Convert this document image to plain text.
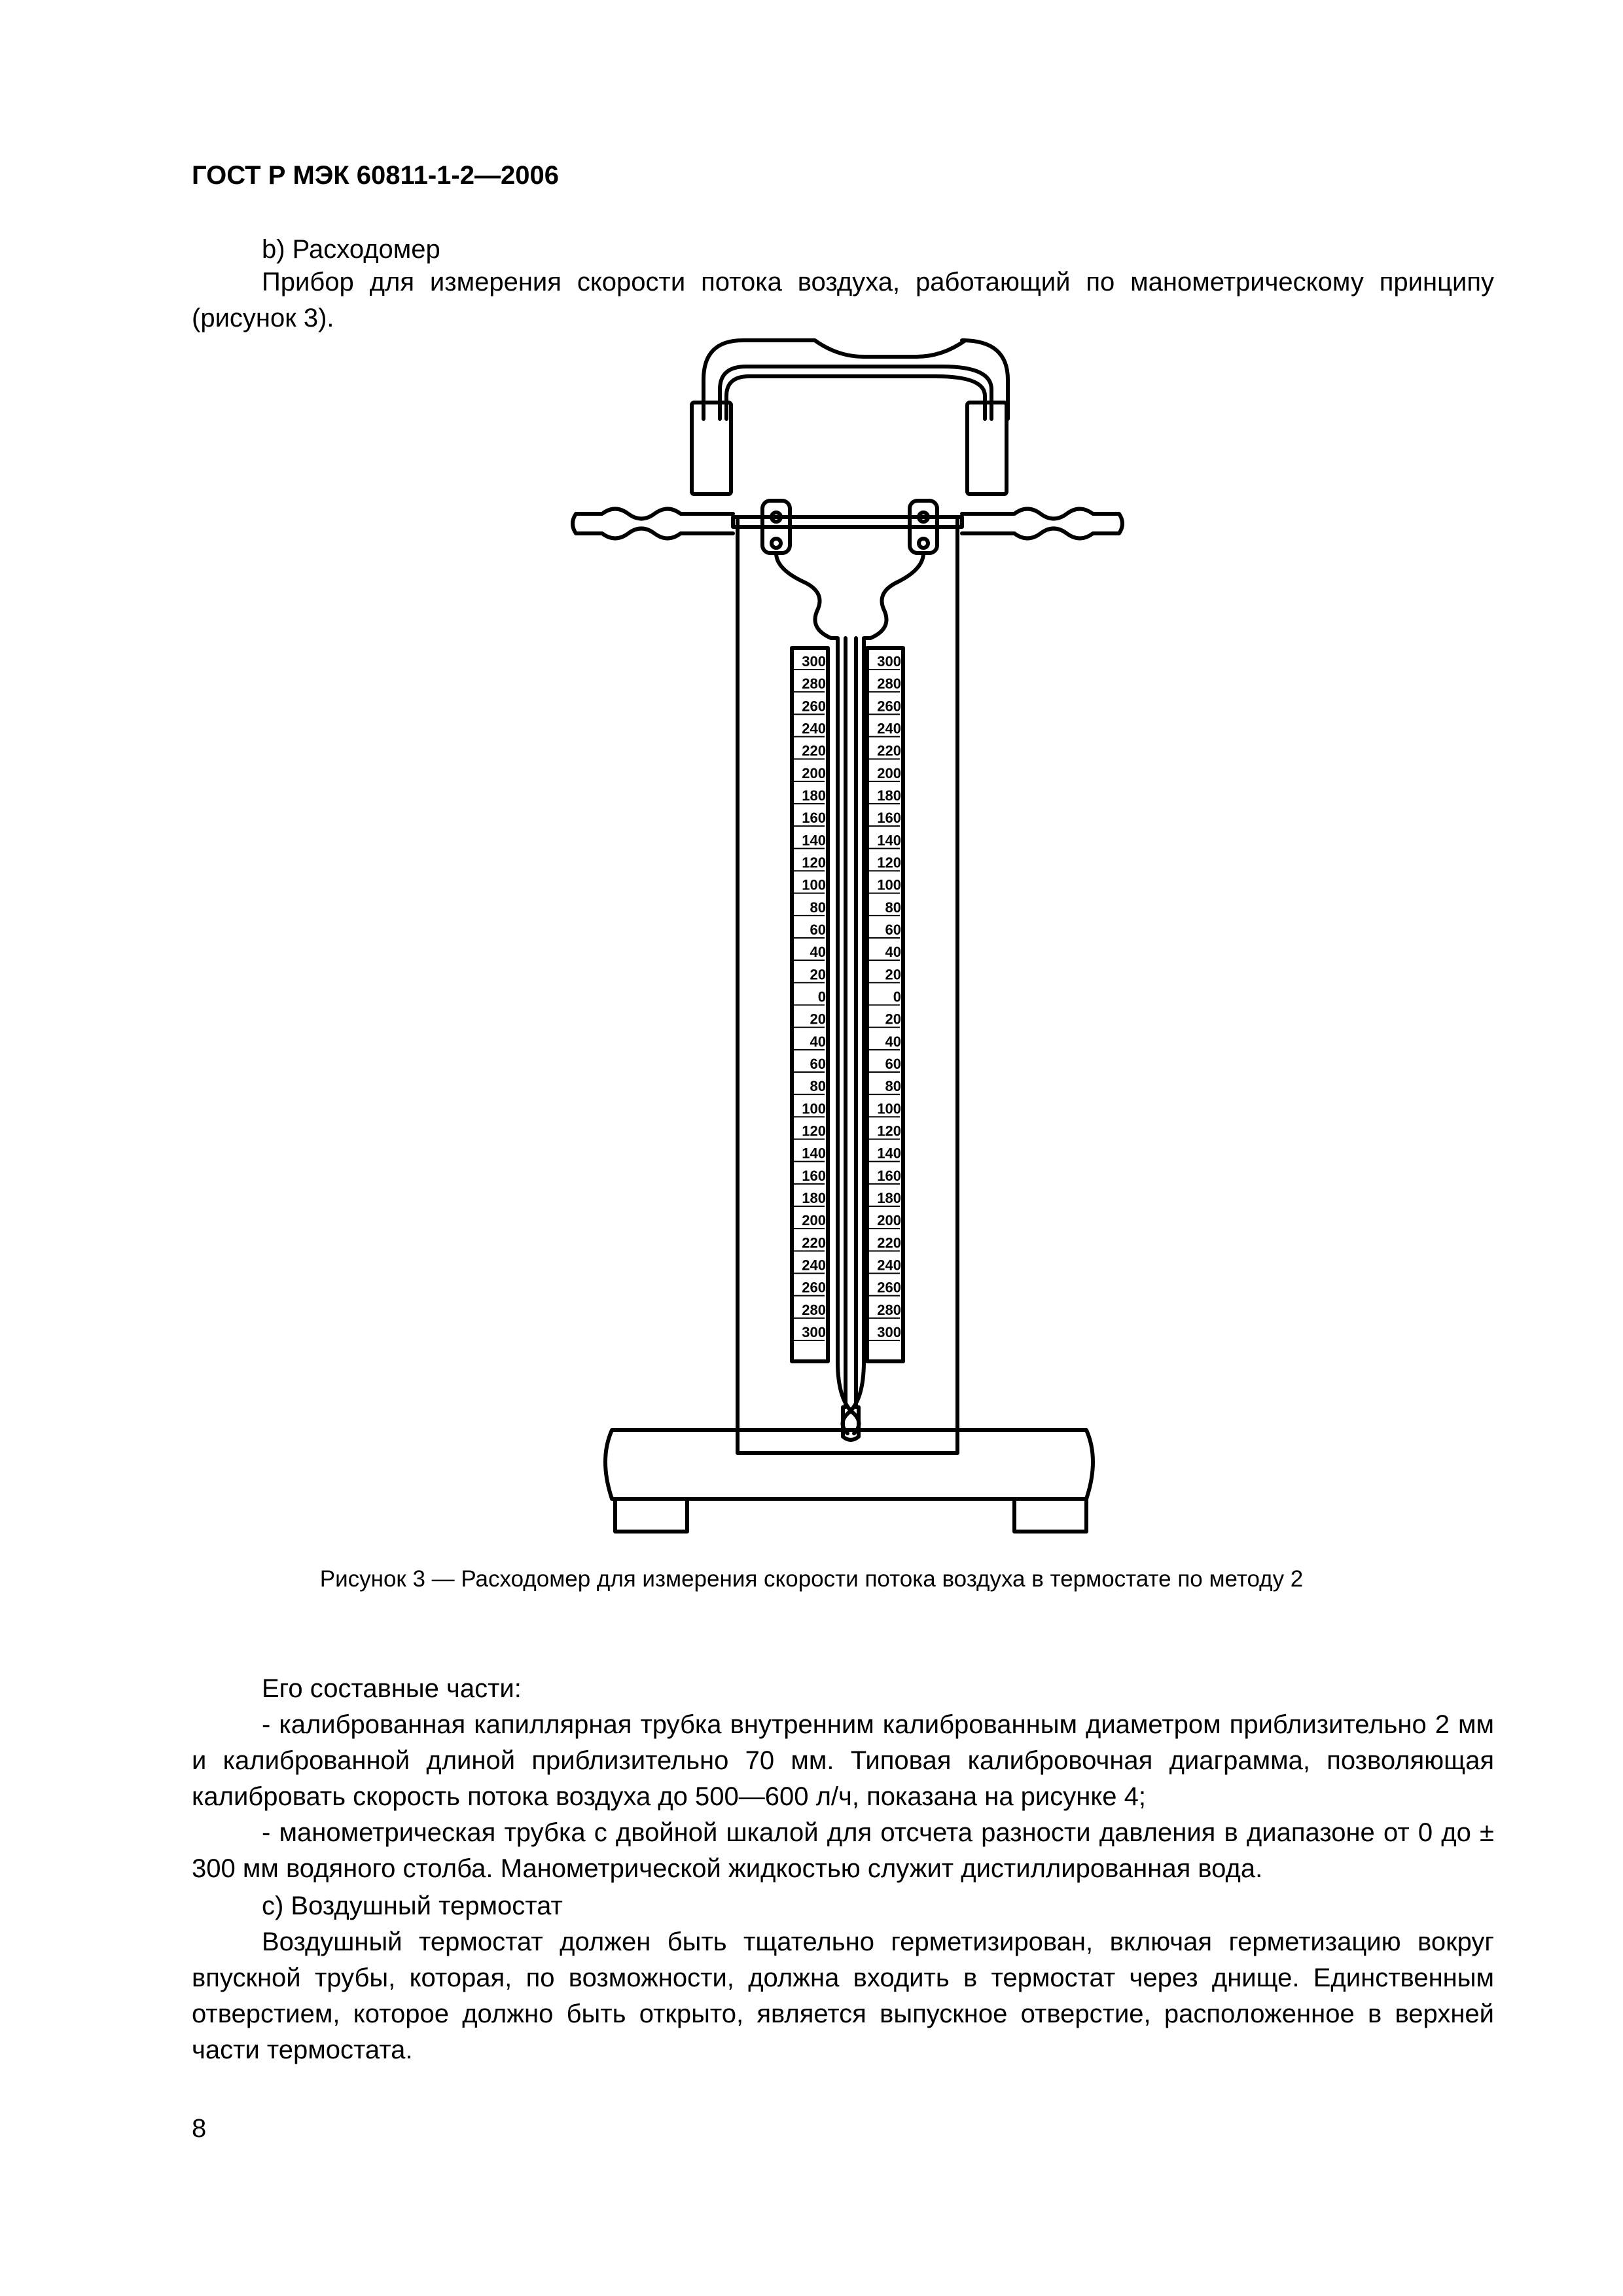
ГОСТ Р МЭК 60811-1-2—2006
b) Расходомер
Прибор для измерения скорости потока воздуха, работающий по манометрическому принципу (рисунок 3).
300	300
280	280
260	260
240	240
220	220
200	200
180	180
160	160
140	140
120	120
100	100
80	80
60	60
40	40
20	20
0	0
20	20
40	40
60	60
80	80
100	100
120	120
140	140
160	160
180	180
200	200
220	220
240	240
260	260
280	280
300	300
Рисунок 3 — Расходомер для измерения скорости потока воздуха в термостате по методу 2
Его составные части:
- калиброванная капиллярная трубка внутренним калиброванным диаметром приблизительно 2 мм и калиброванной длиной приблизительно 70 мм. Типовая калибровочная диаграмма, позволяющая калибровать скорость потока воздуха до 500—600 л/ч, показана на рисунке 4;
- манометрическая трубка с двойной шкалой для отсчета разности давления в диапазоне от 0 до ± 300 мм водяного столба. Манометрической жидкостью служит дистиллированная вода.
c) Воздушный термостат
Воздушный термостат должен быть тщательно герметизирован, включая герметизацию вокруг впускной трубы, которая, по возможности, должна входить в термостат через днище. Единственным отверстием, которое должно быть открыто, является выпускное отверстие, расположенное в верхней части термостата.
8
